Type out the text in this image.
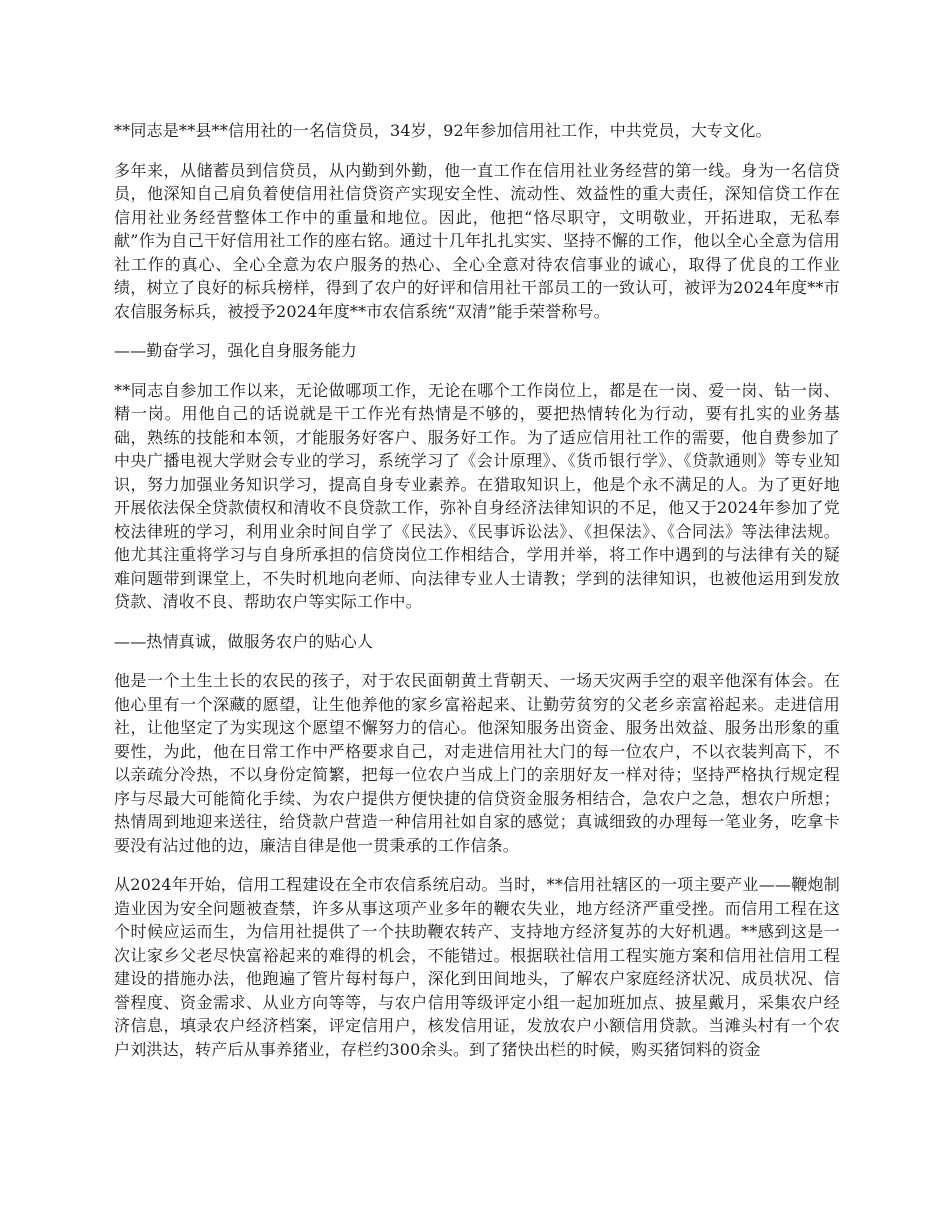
**同志是**县**信用社的一名信贷员，34岁，92年参加信用社工作，中共党员，大专文化。

多年来，从储蓄员到信贷员，从内勤到外勤，他一直工作在信用社业务经营的第一线。身为一名信贷员，他深知自己肩负着使信用社信贷资产实现安全性、流动性、效益性的重大责任，深知信贷工作在信用社业务经营整体工作中的重量和地位。因此，他把“恪尽职守，文明敬业，开拓进取，无私奉献”作为自己干好信用社工作的座右铭。通过十几年扎扎实实、坚持不懈的工作，他以全心全意为信用社工作的真心、全心全意为农户服务的热心、全心全意对待农信事业的诚心，取得了优良的工作业绩，树立了良好的标兵榜样，得到了农户的好评和信用社干部员工的一致认可，被评为2024年度**市农信服务标兵，被授予2024年度**市农信系统“双清”能手荣誉称号。

——勤奋学习，强化自身服务能力

**同志自参加工作以来，无论做哪项工作，无论在哪个工作岗位上，都是在一岗、爱一岗、钻一岗、精一岗。用他自己的话说就是干工作光有热情是不够的，要把热情转化为行动，要有扎实的业务基础，熟练的技能和本领，才能服务好客户、服务好工作。为了适应信用社工作的需要，他自费参加了中央广播电视大学财会专业的学习，系统学习了《会计原理》、《货币银行学》、《贷款通则》等专业知识，努力加强业务知识学习，提高自身专业素养。在猎取知识上，他是个永不满足的人。为了更好地开展依法保全贷款债权和清收不良贷款工作，弥补自身经济法律知识的不足，他又于2024年参加了党校法律班的学习，利用业余时间自学了《民法》、《民事诉讼法》、《担保法》、《合同法》等法律法规。他尤其注重将学习与自身所承担的信贷岗位工作相结合，学用并举，将工作中遇到的与法律有关的疑难问题带到课堂上，不失时机地向老师、向法律专业人士请教；学到的法律知识，也被他运用到发放贷款、清收不良、帮助农户等实际工作中。

——热情真诚，做服务农户的贴心人

他是一个土生土长的农民的孩子，对于农民面朝黄土背朝天、一场天灾两手空的艰辛他深有体会。在他心里有一个深藏的愿望，让生他养他的家乡富裕起来、让勤劳贫穷的父老乡亲富裕起来。走进信用社，让他坚定了为实现这个愿望不懈努力的信心。他深知服务出资金、服务出效益、服务出形象的重要性，为此，他在日常工作中严格要求自己，对走进信用社大门的每一位农户，不以衣装判高下，不以亲疏分冷热，不以身份定简繁，把每一位农户当成上门的亲朋好友一样对待；坚持严格执行规定程序与尽最大可能简化手续、为农户提供方便快捷的信贷资金服务相结合，急农户之急，想农户所想；热情周到地迎来送往，给贷款户营造一种信用社如自家的感觉；真诚细致的办理每一笔业务，吃拿卡要没有沾过他的边，廉洁自律是他一贯秉承的工作信条。

从2024年开始，信用工程建设在全市农信系统启动。当时，**信用社辖区的一项主要产业——鞭炮制造业因为安全问题被查禁，许多从事这项产业多年的鞭农失业，地方经济严重受挫。而信用工程在这个时候应运而生，为信用社提供了一个扶助鞭农转产、支持地方经济复苏的大好机遇。**感到这是一次让家乡父老尽快富裕起来的难得的机会，不能错过。根据联社信用工程实施方案和信用社信用工程建设的措施办法，他跑遍了管片每村每户，深化到田间地头，了解农户家庭经济状况、成员状况、信誉程度、资金需求、从业方向等等，与农户信用等级评定小组一起加班加点、披星戴月，采集农户经济信息，填录农户经济档案，评定信用户，核发信用证，发放农户小额信用贷款。当滩头村有一个农户刘洪达，转产后从事养猪业，存栏约300余头。到了猪快出栏的时候，购买猪饲料的资金
